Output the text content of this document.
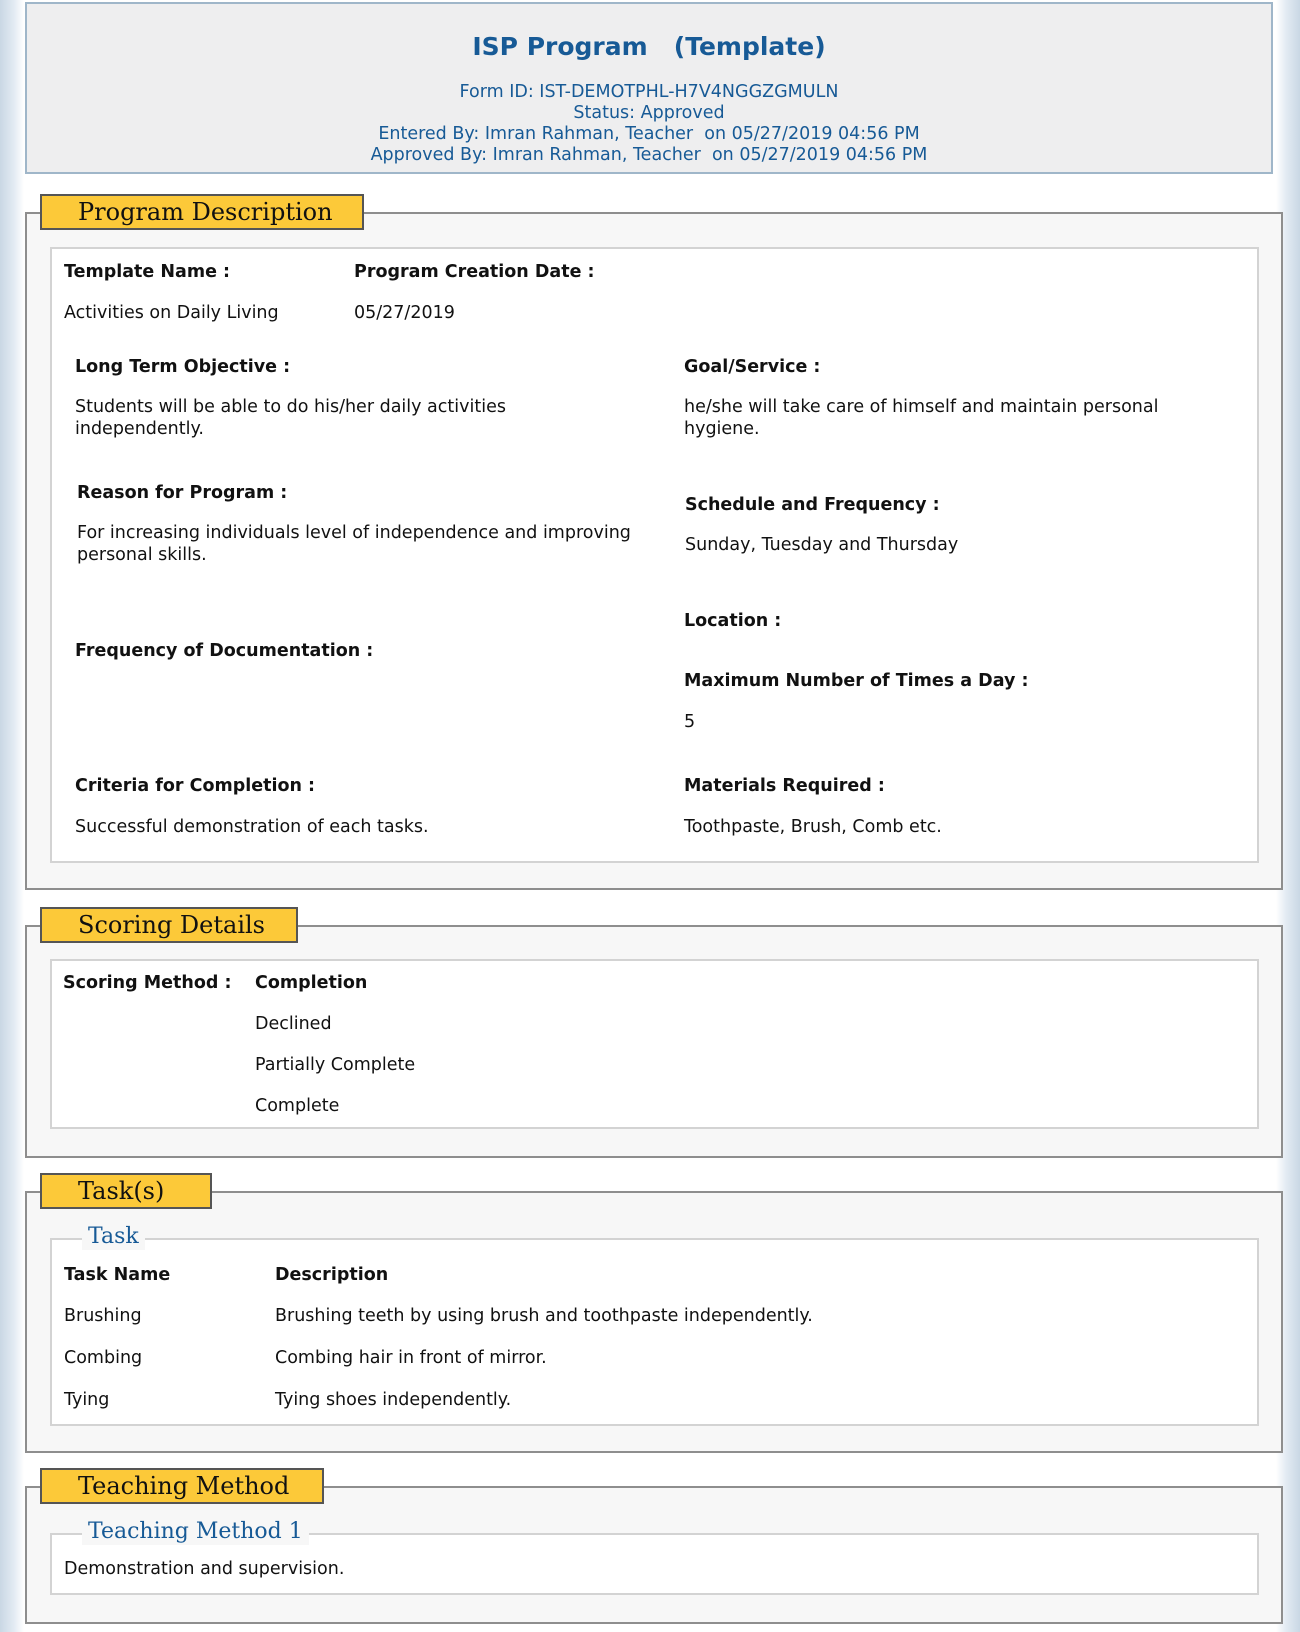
ISP Program   (Template)
Form ID: IST-DEMOTPHL-H7V4NGGZGMULN
Status: Approved
Entered By: Imran Rahman, Teacher  on 05/27/2019 04:56 PM
Approved By: Imran Rahman, Teacher  on 05/27/2019 04:56 PM
Program Description
Template Name :
Activities on Daily Living
Program Creation Date :
05/27/2019
Long Term Objective :
Students will be able to do his/her daily activities independently.
Goal/Service :
he/she will take care of himself and maintain personal hygiene.
Reason for Program :
For increasing individuals level of independence and improving personal skills.
Schedule and Frequency :
Sunday, Tuesday and Thursday
Location :
Frequency of Documentation :
Maximum Number of Times a Day :
5
Criteria for Completion :
Successful demonstration of each tasks.
Materials Required :
Toothpaste, Brush, Comb etc.
Scoring Details
Scoring Method : Completion
Declined
Partially Complete
Complete
Task(s)
Task
Task Name	Description
Brushing	Brushing teeth by using brush and toothpaste independently.
Combing	Combing hair in front of mirror.
Tying	Tying shoes independently.
Teaching Method
Teaching Method 1
Demonstration and supervision.
